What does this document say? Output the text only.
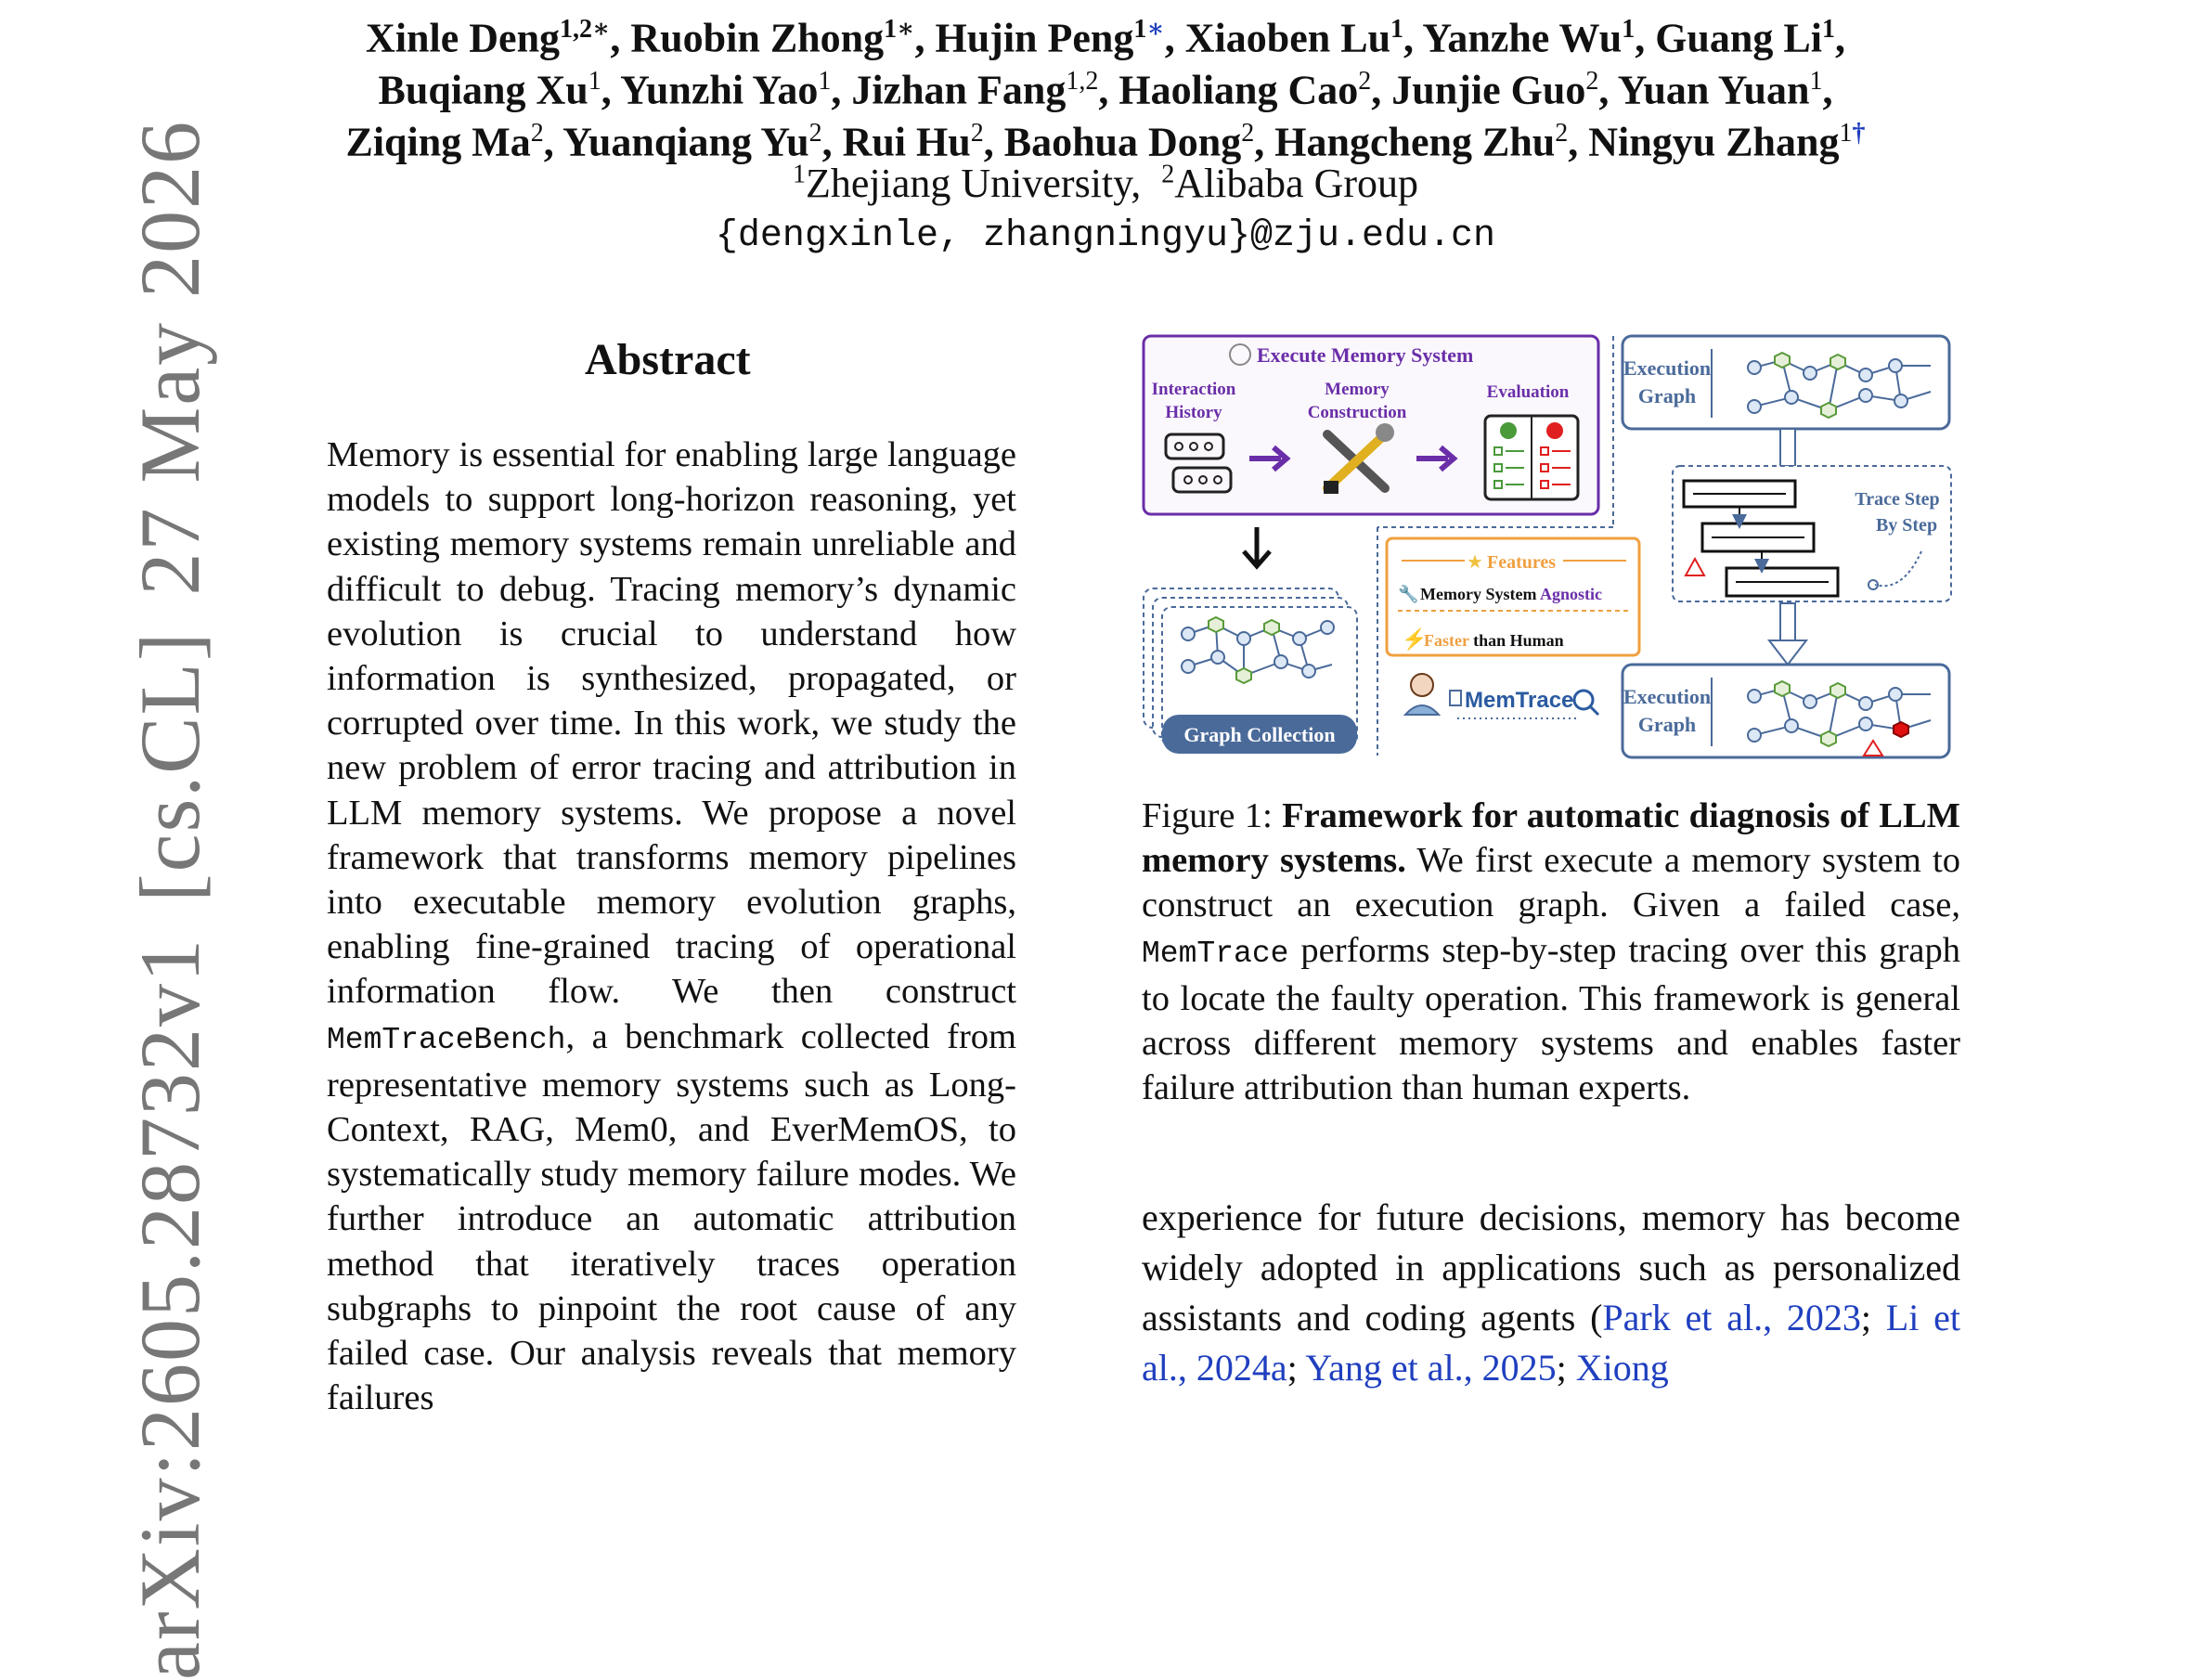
Xinle Deng$^{1,2∗}$, Ruobin Zhong$^{1∗}$, Hujin Peng$^{1∗}$, Xiaoben Lu$^1$, Yanzhe Wu$^1$, Guang Li$^1$,
Buqiang Xu$^1$, Yunzhi Yao$^1$, Jizhan Fang$^{1,2}$, Haoliang Cao$^2$, Junjie Guo$^2$, Yuan Yuan$^1$,
Ziqing Ma$^2$, Yuanqiang Yu$^2$, Rui Hu$^2$, Baohua Dong$^2$, Hangcheng Zhu$^2$, Ningyu Zhang$^{1\dagger}$
$^1$Zhejiang University, $^2$Alibaba Group
{dengxinle, zhangningyu}@zju.edu.cn
arXiv:2605.28732v1[cs.CL]27 May 2026	Abstract
Memory is essential for enabling large language models to support long-horizon reasoning, yet existing memory systems remain unreliable and difficult to debug. Tracing memory’s dynamic evolution is crucial to understand how information is synthesized, propagated, or corrupted over time. In this work, we study the new problem of error tracing and attribution in LLM memory systems. We propose a novel framework that transforms memory pipelines into executable memory evolution graphs, enabling fine-grained tracing of operational information flow. We then construct MemTraceBench, a benchmark collected from representative memory systems such as Long-Context, RAG, Mem0, and EverMemOS, to systematically study memory failure modes. We further introduce an automatic attribution method that iteratively traces operation subgraphs to pinpoint the root cause of any failed case. Our analysis reveals that memory failures
Execute Memory System
Interaction
History
Memory
Construction
Evaluation
Graph Collection
★ Features
🔧 Memory System Agnostic
⚡
Faster than Human
MemTrace
Execution
Graph
Trace Step
By Step
Execution
Graph
Figure 1: Framework for automatic diagnosis of LLM memory systems. We first execute a memory system to construct an execution graph. Given a failed case, MemTrace performs step-by-step tracing over this graph to locate the faulty operation. This framework is general across different memory systems and enables faster failure attribution than human experts.
experience for future decisions, memory has become widely adopted in applications such as personalized assistants and coding agents (Park et al., 2023; Li et al., 2024a; Yang et al., 2025; Xiong
